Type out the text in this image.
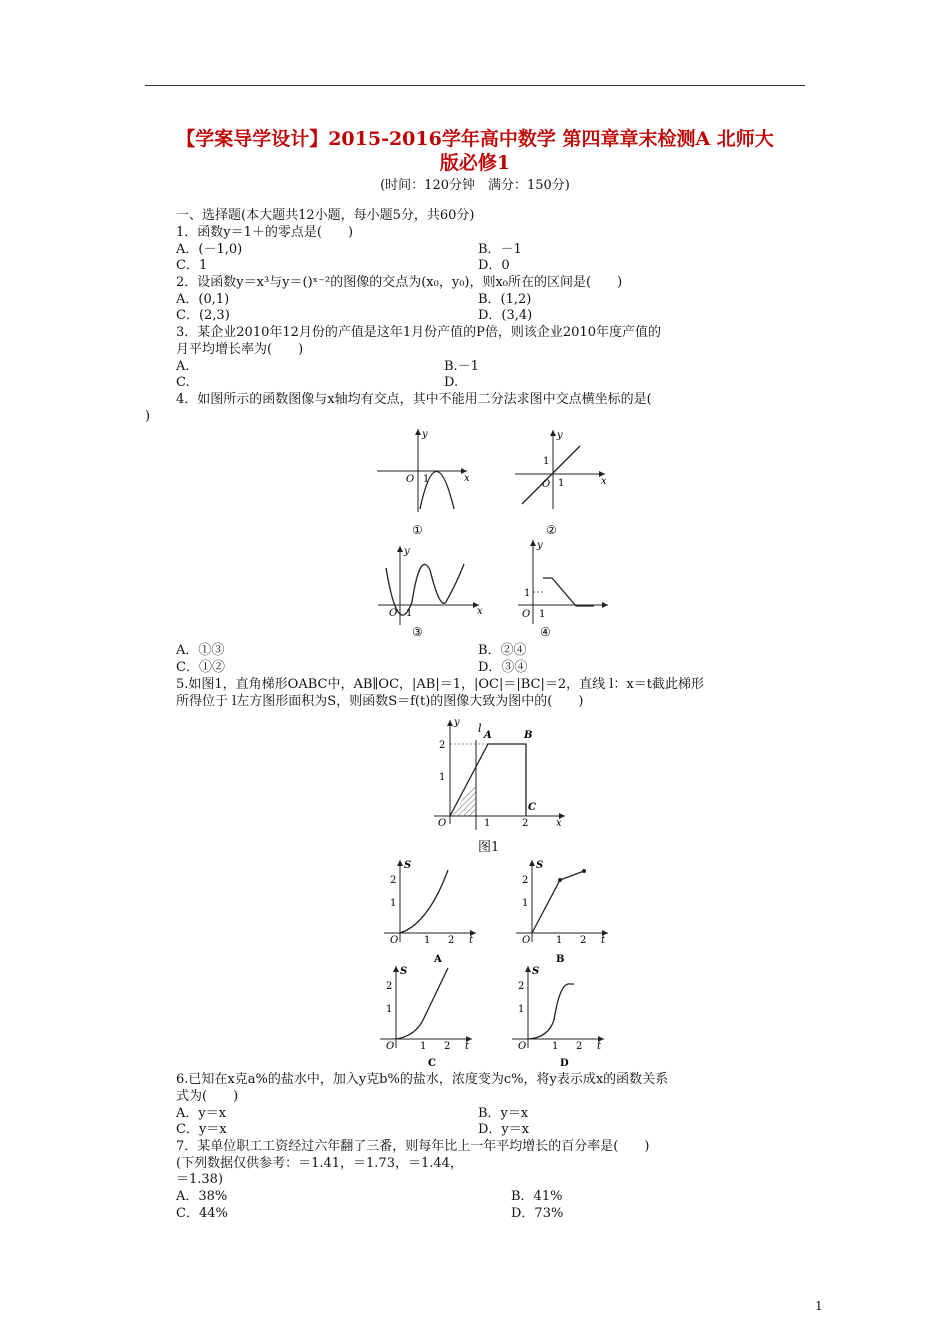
【学案导学设计】2015-2016学年高中数学 第四章章末检测A 北师大
版必修1
(时间：120分钟　满分：150分)
一、选择题(本大题共12小题，每小题5分，共60分)
1．函数y＝1＋的零点是(　　)
A．(－1,0)	B．－1
C．1	D．0
2．设函数y＝x³与y＝()ˣ⁻²的图像的交点为(x₀，y₀)，则x₀所在的区间是(　　)
A．(0,1)	B．(1,2)
C．(2,3)	D．(3,4)
3．某企业2010年12月份的产值是这年1月份产值的P倍，则该企业2010年度产值的
月平均增长率为(　　)
A.	B.－1
C.	D.
4．如图所示的函数图像与x轴均有交点，其中不能用二分法求图中交点横坐标的是(
)
y
x
O 1
①
y
1
x
O 1
②
y
x
O 1
③
y
1
O 1
④
A．①③	B．②④
C．①②	D．③④
5.如图1，直角梯形OABC中，AB∥OC，|AB|＝1，|OC|＝|BC|＝2，直线 l：x＝t截此梯形
所得位于 l左方图形面积为S，则函数S＝f(t)的图像大致为图中的(　　)
l
y
2
1
O	1	2	x
A	B
C
图1
S
2
1
O	1 2 t
A
S
2
1
O	1 2 t
B
S
2
1
O	1 2 t
C
S
2
1
O	1 2 t
D
6.已知在x克a%的盐水中，加入y克b%的盐水，浓度变为c%，将y表示成x的函数关系
式为(　　)
A．y＝x	B．y＝x
C．y＝x	D．y＝x
7．某单位职工工资经过六年翻了三番，则每年比上一年平均增长的百分率是(　　)
(下列数据仅供参考：＝1.41，＝1.73，＝1.44，
＝1.38)
A．38%	B．41%
C．44%	D．73%
1
